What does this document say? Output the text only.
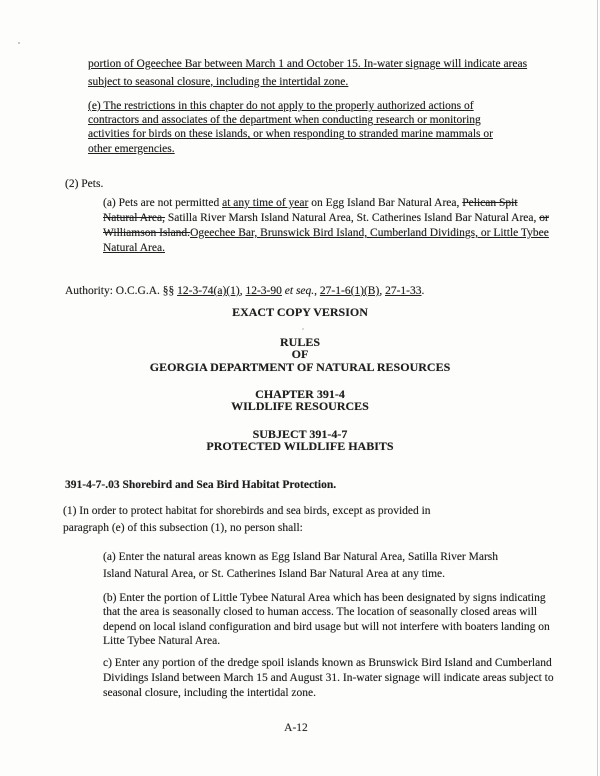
portion of Ogeechee Bar between March 1 and October 15. In-water signage will indicate areas
subject to seasonal closure, including the intertidal zone.
(e) The restrictions in this chapter do not apply to the properly authorized actions of
contractors and associates of the department when conducting research or monitoring
activities for birds on these islands, or when responding to stranded marine mammals or
other emergencies.
(2) Pets.
(a) Pets are not permitted at any time of year on Egg Island Bar Natural Area, Pelican Spit
Natural Area, Satilla River Marsh Island Natural Area, St. Catherines Island Bar Natural Area, or
Williamson Island.Ogeechee Bar, Brunswick Bird Island, Cumberland Dividings, or Little Tybee
Natural Area.
Authority: O.C.G.A. §§ 12-3-74(a)(1), 12-3-90 et seq., 27-1-6(1)(B), 27-1-33.
EXACT COPY VERSION
RULES
OF
GEORGIA DEPARTMENT OF NATURAL RESOURCES
CHAPTER 391-4
WILDLIFE RESOURCES
SUBJECT 391-4-7
PROTECTED WILDLIFE HABITS
391-4-7-.03 Shorebird and Sea Bird Habitat Protection.
(1) In order to protect habitat for shorebirds and sea birds, except as provided in
paragraph (e) of this subsection (1), no person shall:
(a) Enter the natural areas known as Egg Island Bar Natural Area, Satilla River Marsh
Island Natural Area, or St. Catherines Island Bar Natural Area at any time.
(b) Enter the portion of Little Tybee Natural Area which has been designated by signs indicating
that the area is seasonally closed to human access. The location of seasonally closed areas will
depend on local island configuration and bird usage but will not interfere with boaters landing on
Litte Tybee Natural Area.
c) Enter any portion of the dredge spoil islands known as Brunswick Bird Island and Cumberland
Dividings Island between March 15 and August 31. In-water signage will indicate areas subject to
seasonal closure, including the intertidal zone.
A-12
